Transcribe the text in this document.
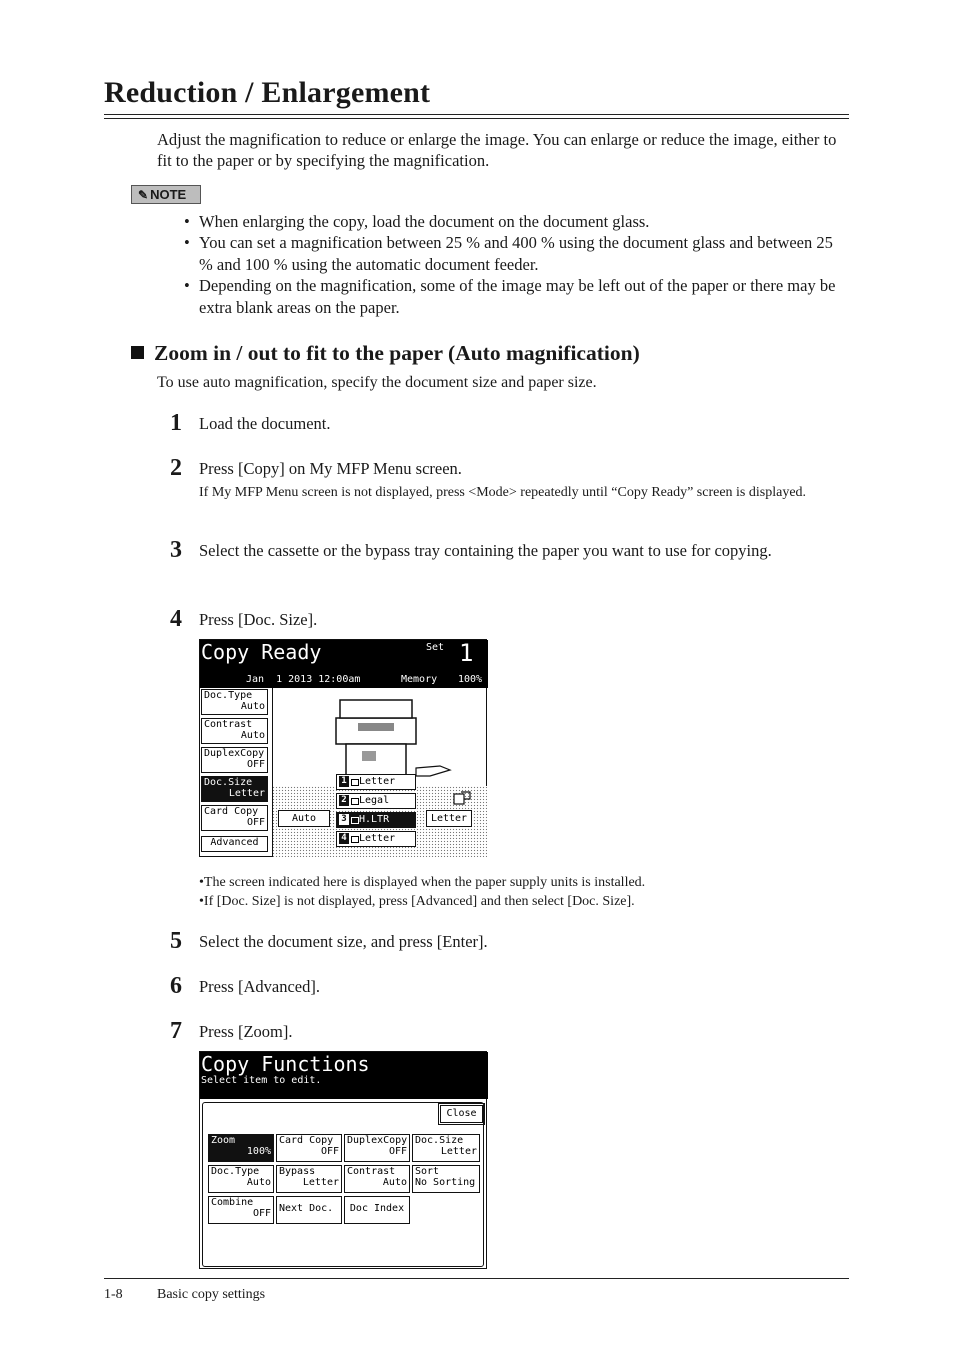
Reduction / Enlargement
Adjust the magnification to reduce or enlarge the image. You can enlarge or reduce the image, either to fit to the paper or by specifying the magnification.
✎ NOTE
• When enlarging the copy, load the document on the document glass.
• You can set a magnification between 25 % and 400 % using the document glass and between 25 % and 100 % using the automatic document feeder.
• Depending on the magnification, some of the image may be left out of the paper or there may be extra blank areas on the paper.
Zoom in / out to fit to the paper (Auto magnification)
To use auto magnification, specify the document size and paper size.
1 Load the document.
2 Press [Copy] on My MFP Menu screen.
If My MFP Menu screen is not displayed, press <Mode> repeatedly until “Copy Ready” screen is displayed.
3 Select the cassette or the bypass tray containing the paper you want to use for copying.
4 Press [Doc. Size].
Copy Ready	Set 1
Jan  1 2013 12:00am	Memory 100%
Doc.Type
Auto
Contrast
Auto
DuplexCopy
OFF
Doc.Size
Letter
Card Copy
OFF
Advanced
1 Letter
2 Legal
3 H.LTR
4 Letter
Auto	Letter
•The screen indicated here is displayed when the paper supply units is installed.
•If [Doc. Size] is not displayed, press [Advanced] and then select [Doc. Size].
5 Select the document size, and press [Enter].
6 Press [Advanced].
7 Press [Zoom].
Copy Functions
Select item to edit.
Close
Zoom
100%
Card Copy
OFF
DuplexCopy
OFF
Doc.Size
Letter
Doc.Type
Auto
Bypass
Letter
Contrast
Auto
Sort
No Sorting
Combine
OFF Next Doc.	Doc Index
1-8 Basic copy settings
